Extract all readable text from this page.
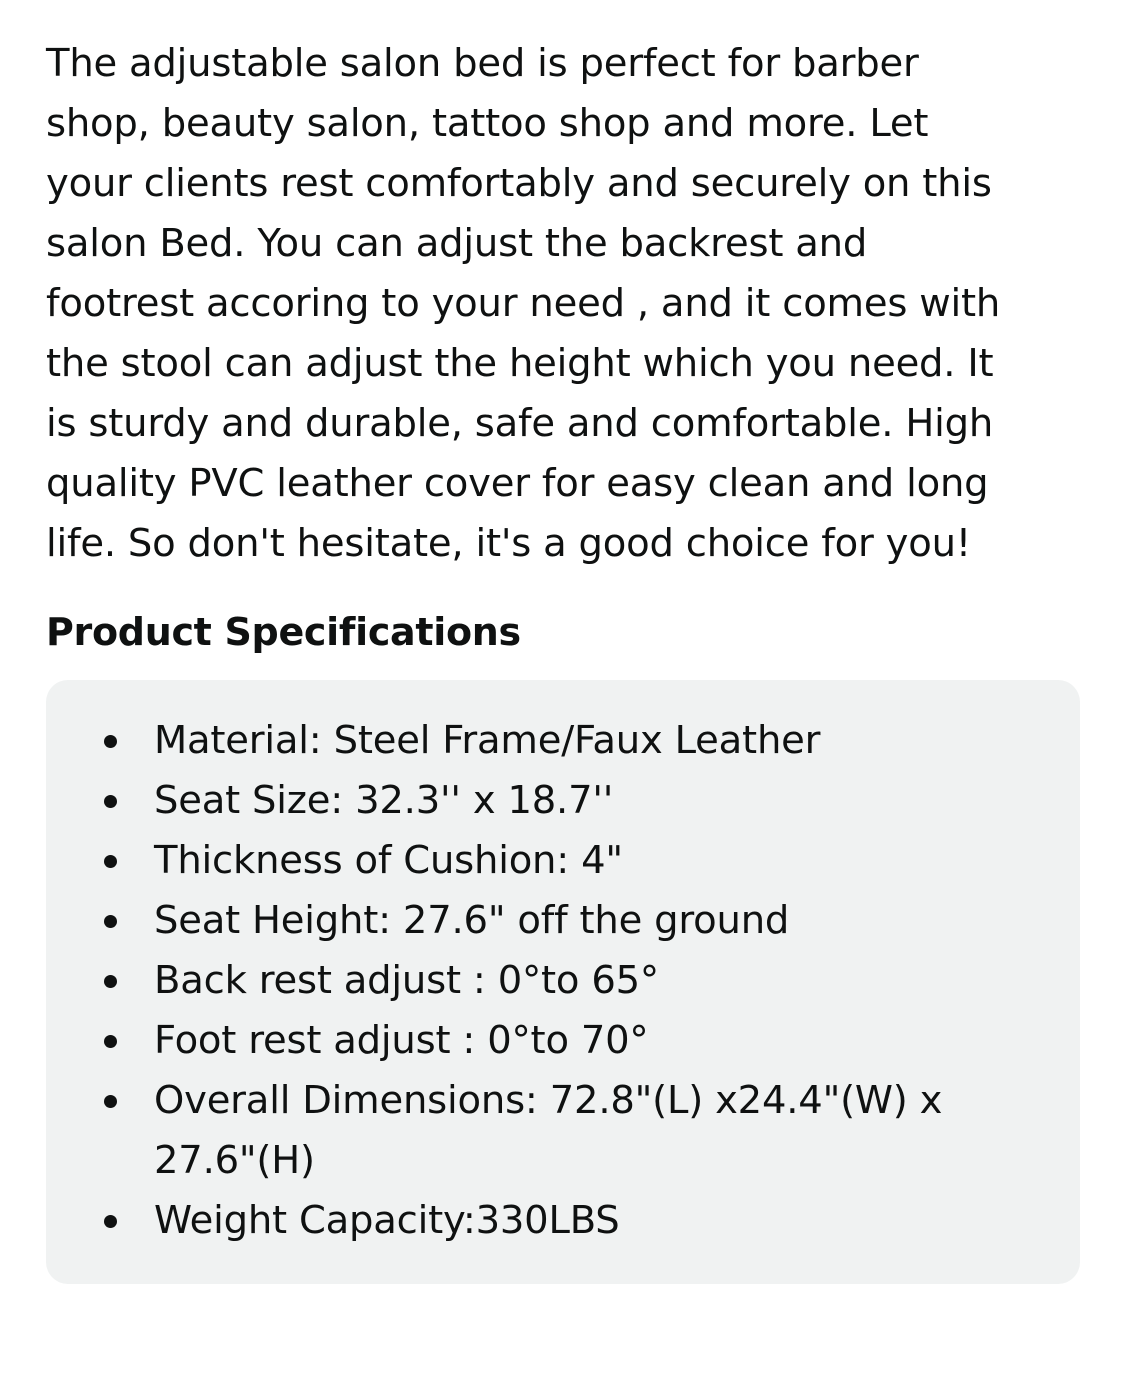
The adjustable salon bed is perfect for barber
shop, beauty salon, tattoo shop and more. Let
your clients rest comfortably and securely on this
salon Bed. You can adjust the backrest and
footrest accoring to your need , and it comes with
the stool can adjust the height which you need. It
is sturdy and durable, safe and comfortable. High
quality PVC leather cover for easy clean and long
life. So don't hesitate, it's a good choice for you!

Product Specifications
Material: Steel Frame/Faux Leather
Seat Size: 32.3'' x 18.7''
Thickness of Cushion: 4"
Seat Height: 27.6" off the ground
Back rest adjust : 0°to 65°
Foot rest adjust : 0°to 70°
Overall Dimensions: 72.8"(L) x24.4"(W) x
27.6"(H)
Weight Capacity:330LBS
